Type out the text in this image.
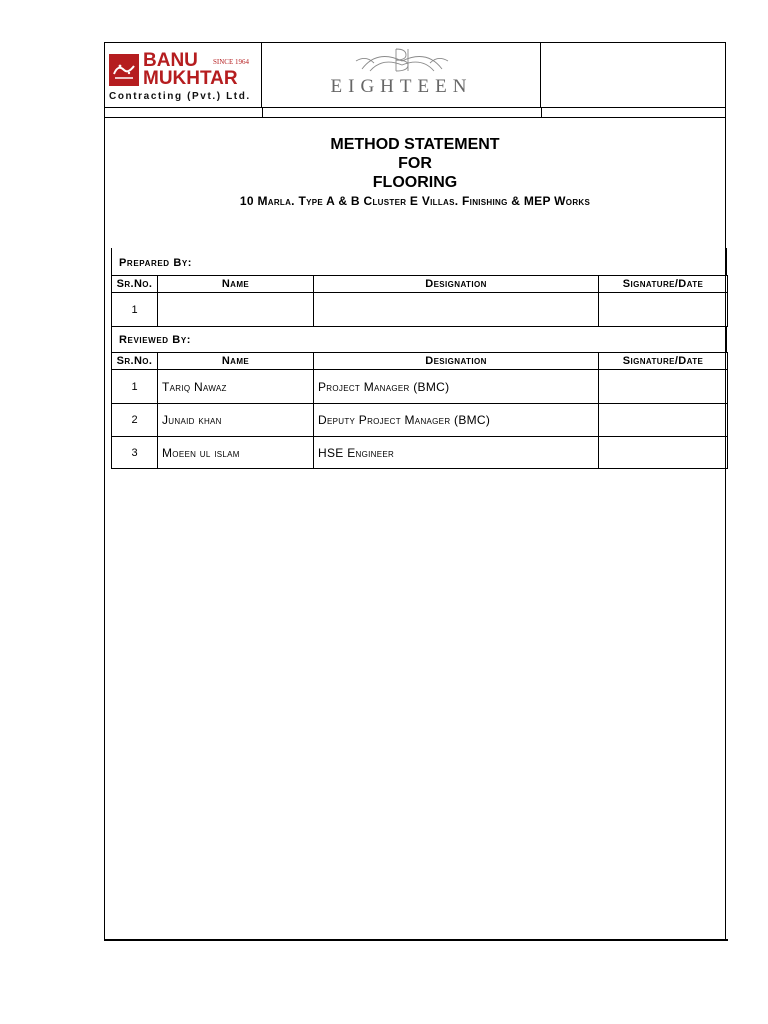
BANU SINCE 1964
MUKHTAR
Contracting (Pvt.) Ltd.	EIGHTEEN
METHOD STATEMENT
FOR
FLOORING
10 Marla. Type A & B Cluster E Villas. Finishing & MEP Works
Prepared By:
Sr.No.	Name	Designation	Signature/Date
1			
Reviewed By:
Sr.No.	Name	Designation	Signature/Date
1	Tariq Nawaz	Project Manager (BMC)	
2	Junaid khan	Deputy Project Manager (BMC)	
3	Moeen ul islam	HSE Engineer	
